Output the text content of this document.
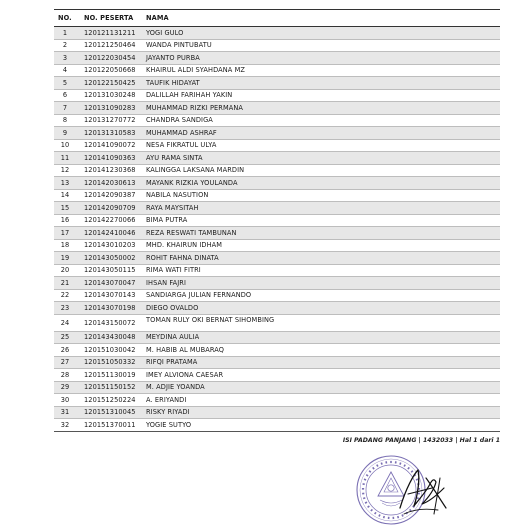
NO.	NO. PESERTA	NAMA
1	120121131211	YOGI GULO
2	120121250464	WANDA PINTUBATU
3	120122030454	JAYANTO PURBA
4	120122050668	KHAIRUL ALDI SYAHDANA MZ
5	120122150425	TAUFIK HIDAYAT
6	120131030248	DALILLAH FARIHAH YAKIN
7	120131090283	MUHAMMAD RIZKI PERMANA
8	120131270772	CHANDRA SANDIGA
9	120131310583	MUHAMMAD ASHRAF
10	120141090072	NESA FIKRATUL ULYA
11	120141090363	AYU RAMA SINTA
12	120141230368	KALINGGA LAKSANA MARDIN
13	120142030613	MAYANK RIZKIA YOULANDA
14	120142090387	NABILA NASUTION
15	120142090709	RAYA MAYSITAH
16	120142270066	BIMA PUTRA
17	120142410046	REZA RESWATI TAMBUNAN
18	120143010203	MHD. KHAIRUN IDHAM
19	120143050002	ROHIT FAHNA DINATA
20	120143050115	RIMA WATI FITRI
21	120143070047	IHSAN FAJRI
22	120143070143	SANDIARGA JULIAN FERNANDO
23	120143070198	DIEGO OVALDO
24	120143150072	TOMAN RULY OKI BERNAT SIHOMBING
25	120143430048	MEYDINA AULIA
26	120151030042	M. HABIB AL MUBARAQ
27	120151050332	RIFQI PRATAMA
28	120151130019	IMEY ALVIONA CAESAR
29	120151150152	M. ADJIE YOANDA
30	120151250224	A. ERIYANDI
31	120151310045	RISKY RIYADI
32	120151370011	YOGIE SUTYO
ISI PADANG PANJANG | 1432033 | Hal 1 dari 1
